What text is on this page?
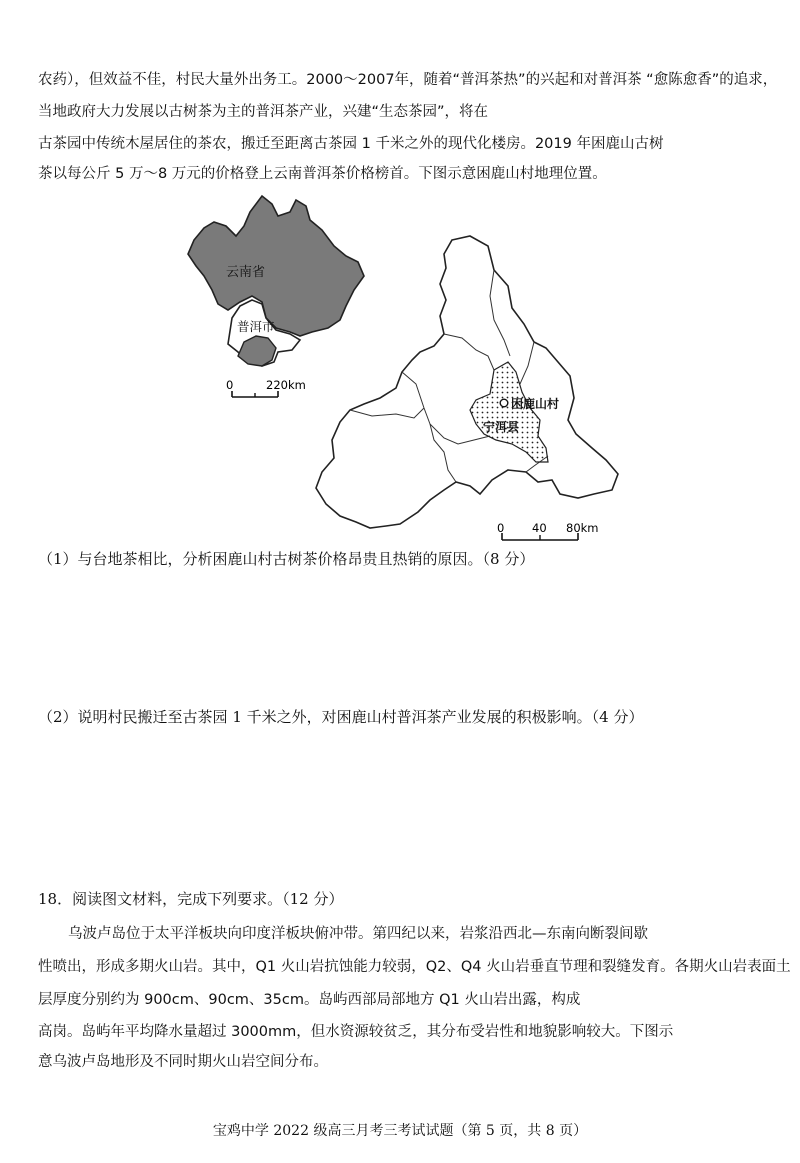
农药），但效益不佳，村民大量外出务工。2000～2007年，随着“普洱茶热”的兴起和对普洱茶 “愈陈愈香”的追求，
当地政府大力发展以古树茶为主的普洱茶产业，兴建“生态茶园”，将在
古茶园中传统木屋居住的茶农，搬迁至距离古茶园 1 千米之外的现代化楼房。2019 年困鹿山古树
茶以每公斤 5 万～8 万元的价格登上云南普洱茶价格榜首。下图示意困鹿山村地理位置。
云南省
普洱市
0	220km
困鹿山村
宁洱县
0 40 80km
（1）与台地茶相比，分析困鹿山村古树茶价格昂贵且热销的原因。（8 分）
（2）说明村民搬迁至古茶园 1 千米之外，对困鹿山村普洱茶产业发展的积极影响。（4 分）
18．阅读图文材料，完成下列要求。（12 分）
乌波卢岛位于太平洋板块向印度洋板块俯冲带。第四纪以来，岩浆沿西北—东南向断裂间歇
性喷出，形成多期火山岩。其中，Q1 火山岩抗蚀能力较弱，Q2、Q4 火山岩垂直节理和裂缝发育。各期火山岩表面土
层厚度分别约为 900cm、90cm、35cm。岛屿西部局部地方 Q1 火山岩出露，构成
高岗。岛屿年平均降水量超过 3000mm，但水资源较贫乏，其分布受岩性和地貌影响较大。下图示
意乌波卢岛地形及不同时期火山岩空间分布。
宝鸡中学 2022 级高三月考三考试试题（第 5 页，共 8 页）
